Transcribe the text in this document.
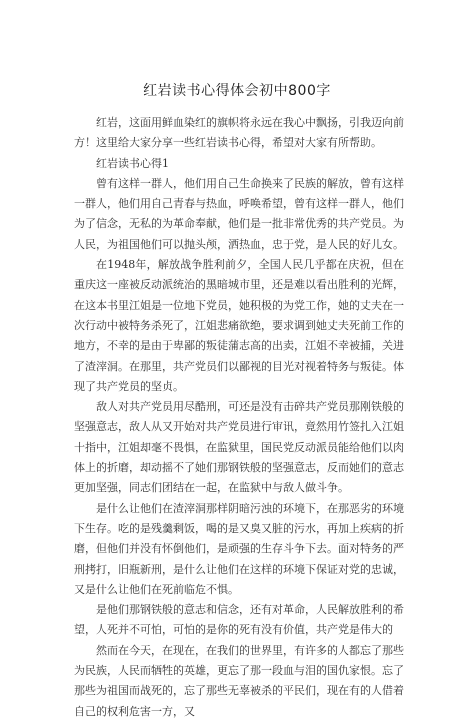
红岩读书心得体会初中800字

红岩，这面用鲜血染红的旗帜将永远在我心中飘扬，引我迈向前方！这里给大家分享一些红岩读书心得，希望对大家有所帮助。

红岩读书心得1

曾有这样一群人，他们用自己生命换来了民族的解放，曾有这样一群人，他们用自己青春与热血，呼唤希望，曾有这样一群人，他们为了信念，无私的为革命奉献，他们是一批非常优秀的共产党员。为人民，为祖国他们可以抛头颅，洒热血，忠于党，是人民的好儿女。

在1948年，解放战争胜利前夕，全国人民几乎都在庆祝，但在重庆这一座被反动派统治的黑暗城市里，还是难以看出胜利的光辉，在这本书里江姐是一位地下党员，她积极的为党工作，她的丈夫在一次行动中被特务杀死了，江姐悲痛欲绝，要求调到她丈夫死前工作的地方，不幸的是由于卑鄙的叛徒蒲志高的出卖，江姐不幸被捕，关进了渣滓洞。在那里，共产党员们以鄙视的目光对视着特务与叛徒。体现了共产党员的坚贞。

敌人对共产党员用尽酷刑，可还是没有击碎共产党员那刚铁般的坚强意志，敌人从又开始对共产党员进行审讯，竟然用竹签扎入江姐十指中，江姐却毫不畏惧，在监狱里，国民党反动派员能给他们以肉体上的折磨，却动摇不了她们那钢铁般的坚强意志，反而她们的意志更加坚强，同志们团结在一起，在监狱中与敌人做斗争。

是什么让他们在渣滓洞那样阴暗污浊的环境下，在那恶劣的环境下生存。吃的是残羹剩饭，喝的是又臭又脏的污水，再加上疾病的折磨，但他们并没有怀倒他们，是顽强的生存斗争下去。面对特务的严刑拷打，旧瓶新刑，是什么让他们在这样的环境下保证对党的忠诚，又是什么让他们在死前临危不惧。

是他们那钢铁般的意志和信念，还有对革命，人民解放胜利的希望，人死并不可怕，可怕的是你的死有没有价值，共产党是伟大的

然而在今天，在现在，在我们的世界里，有许多的人都忘了那些为民族，人民而牺牲的英雄，更忘了那一段血与泪的国仇家恨。忘了那些为祖国而战死的，忘了那些无辜被杀的平民们，现在有的人借着自己的权利危害一方，又
